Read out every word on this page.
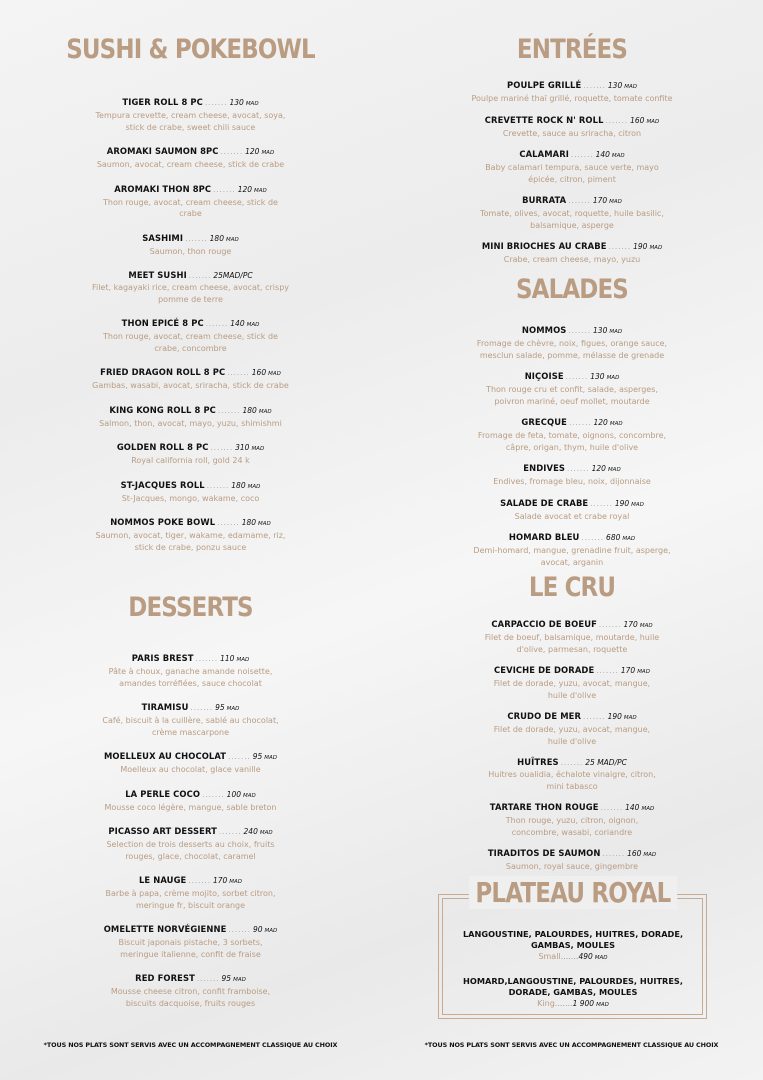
SUSHI & POKEBOWL
TIGER ROLL 8 PC ....... 130 MAD
Tempura crevette, cream cheese, avocat, soya, stick de crabe, sweet chili sauce
AROMAKI SAUMON 8PC ....... 120 MAD
Saumon, avocat, cream cheese, stick de crabe
AROMAKI THON 8PC ....... 120 MAD
Thon rouge, avocat, cream cheese, stick de crabe
SASHIMI ....... 180 MAD
Saumon, thon rouge
MEET SUSHI ....... 25MAD/PC
Filet, kagayaki rice, cream cheese, avocat, crispy pomme de terre
THON EPICÉ 8 PC ....... 140 MAD
Thon rouge, avocat, cream cheese, stick de crabe, concombre
FRIED DRAGON ROLL 8 PC ....... 160 MAD
Gambas, wasabi, avocat, sriracha, stick de crabe
KING KONG ROLL 8 PC ....... 180 MAD
Salmon, thon, avocat, mayo, yuzu, shimishmi
GOLDEN ROLL 8 PC ....... 310 MAD
Royal california roll, gold 24 k
ST-JACQUES ROLL ....... 180 MAD
St-Jacques, mongo, wakame, coco
NOMMOS POKE BOWL ....... 180 MAD
Saumon, avocat, tiger, wakame, edamame, riz, stick de crabe, ponzu sauce
DESSERTS
PARIS BREST ....... 110 MAD
Pâte à choux, ganache amande noisette, amandes torréfiées, sauce chocolat
TIRAMISU ....... 95 MAD
Café, biscuit à la cuillère, sablé au chocolat, crème mascarpone
MOELLEUX AU CHOCOLAT ....... 95 MAD
Moelleux au chocolat, glace vanille
LA PERLE COCO ....... 100 MAD
Mousse coco légère, mangue, sable breton
PICASSO ART DESSERT ....... 240 MAD
Selection de trois desserts au choix, fruits rouges, glace, chocolat, caramel
LE NAUGE ....... 170 MAD
Barbe à papa, crème mojito, sorbet citron, meringue fr, biscuit orange
OMELETTE NORVÉGIENNE ....... 90 MAD
Biscuit japonais pistache, 3 sorbets, meringue italienne, confit de fraise
RED FOREST ....... 95 MAD
Mousse cheese citron, confit framboise, biscuits dacquoise, fruits rouges
*TOUS NOS PLATS SONT SERVIS AVEC UN ACCOMPAGNEMENT CLASSIQUE AU CHOIX
ENTRÉES
POULPE GRILLÉ ....... 130 MAD
Poulpe mariné thaï grillé, roquette, tomate confite
CREVETTE ROCK N' ROLL ....... 160 MAD
Crevette, sauce au sriracha, citron
CALAMARI ....... 140 MAD
Baby calamari tempura, sauce verte, mayo épicée, citron, piment
BURRATA ....... 170 MAD
Tomate, olives, avocat, roquette, huile basilic, balsamique, asperge
MINI BRIOCHES AU CRABE ....... 190 MAD
Crabe, cream cheese, mayo, yuzu
SALADES
NOMMOS ....... 130 MAD
Fromage de chèvre, noix, figues, orange sauce, mesclun salade, pomme, mélasse de grenade
NIÇOISE ....... 130 MAD
Thon rouge cru et confit, salade, asperges, poivron mariné, oeuf mollet, moutarde
GRECQUE ....... 120 MAD
Fromage de feta, tomate, oignons, concombre, câpre, origan, thym, huile d'olive
ENDIVES ....... 120 MAD
Endives, fromage bleu, noix, dijonnaise
SALADE DE CRABE ....... 190 MAD
Salade avocat et crabe royal
HOMARD BLEU ....... 680 MAD
Demi-homard, mangue, grenadine fruit, asperge, avocat, arganin
LE CRU
CARPACCIO DE BOEUF ....... 170 MAD
Filet de boeuf, balsamique, moutarde, huile d'olive, parmesan, roquette
CEVICHE DE DORADE ....... 170 MAD
Filet de dorade, yuzu, avocat, mangue, huile d'olive
CRUDO DE MER ....... 190 MAD
Filet de dorade, yuzu, avocat, mangue, huile d'olive
HUÎTRES ....... 25 MAD/PC
Huitres oualidia, échalote vinaigre, citron, mini tabasco
TARTARE THON ROUGE ....... 140 MAD
Thon rouge, yuzu, citron, oignon, concombre, wasabi, coriandre
TIRADITOS DE SAUMON ....... 160 MAD
Saumon, royal sauce, gingembre
PLATEAU ROYAL
LANGOUSTINE, PALOURDES, HUITRES, DORADE, GAMBAS, MOULES
Small.......490 MAD
HOMARD,LANGOUSTINE, PALOURDES, HUITRES, DORADE, GAMBAS, MOULES
King.......1 900 MAD
*TOUS NOS PLATS SONT SERVIS AVEC UN ACCOMPAGNEMENT CLASSIQUE AU CHOIX
